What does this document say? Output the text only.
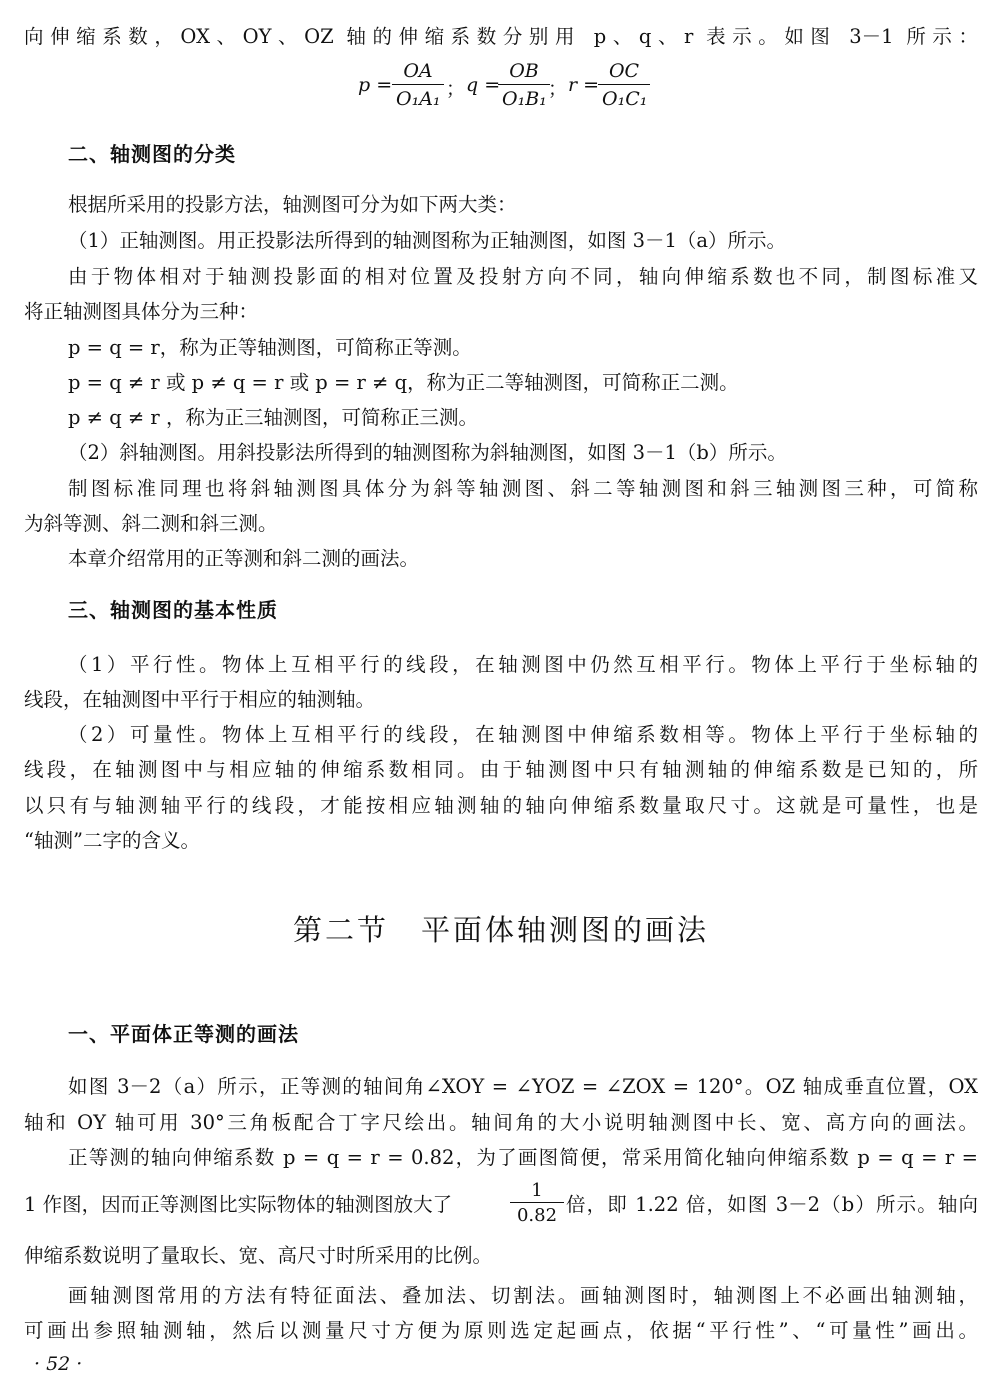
向伸缩系数，OX、OY、OZ 轴的伸缩系数分别用 p、q、r 表示。如图 3－1 所示：
p =
OA
O₁A₁ ； q =
OB
O₁B₁ ； r =
OC
O₁C₁
二、轴测图的分类
根据所采用的投影方法，轴测图可分为如下两大类：
（1）正轴测图。用正投影法所得到的轴测图称为正轴测图，如图 3－1（a）所示。
由于物体相对于轴测投影面的相对位置及投射方向不同，轴向伸缩系数也不同，制图标准又
将正轴测图具体分为三种：
p = q = r，称为正等轴测图，可简称正等测。
p = q ≠ r 或 p ≠ q = r 或 p = r ≠ q，称为正二等轴测图，可简称正二测。
p ≠ q ≠ r ，称为正三轴测图，可简称正三测。
（2）斜轴测图。用斜投影法所得到的轴测图称为斜轴测图，如图 3－1（b）所示。
制图标准同理也将斜轴测图具体分为斜等轴测图、斜二等轴测图和斜三轴测图三种，可简称
为斜等测、斜二测和斜三测。
本章介绍常用的正等测和斜二测的画法。
三、轴测图的基本性质
（1）平行性。物体上互相平行的线段，在轴测图中仍然互相平行。物体上平行于坐标轴的
线段，在轴测图中平行于相应的轴测轴。
（2）可量性。物体上互相平行的线段，在轴测图中伸缩系数相等。物体上平行于坐标轴的
线段，在轴测图中与相应轴的伸缩系数相同。由于轴测图中只有轴测轴的伸缩系数是已知的，所
以只有与轴测轴平行的线段，才能按相应轴测轴的轴向伸缩系数量取尺寸。这就是可量性，也是
“轴测”二字的含义。
第二节　平面体轴测图的画法
一、平面体正等测的画法
如图 3－2（a）所示，正等测的轴间角∠XOY = ∠YOZ = ∠ZOX = 120°。OZ 轴成垂直位置，OX
轴和 OY 轴可用 30°三角板配合丁字尺绘出。轴间角的大小说明轴测图中长、宽、高方向的画法。
正等测的轴向伸缩系数 p = q = r = 0.82，为了画图简便，常采用简化轴向伸缩系数 p = q = r =
1 作图，因而正等测图比实际物体的轴测图放大了
1
0.82 倍，即 1.22 倍，如图 3－2（b）所示。轴向
伸缩系数说明了量取长、宽、高尺寸时所采用的比例。
画轴测图常用的方法有特征面法、叠加法、切割法。画轴测图时，轴测图上不必画出轴测轴，
可画出参照轴测轴，然后以测量尺寸方便为原则选定起画点，依据“平行性”、“可量性”画出。
· 52 ·
